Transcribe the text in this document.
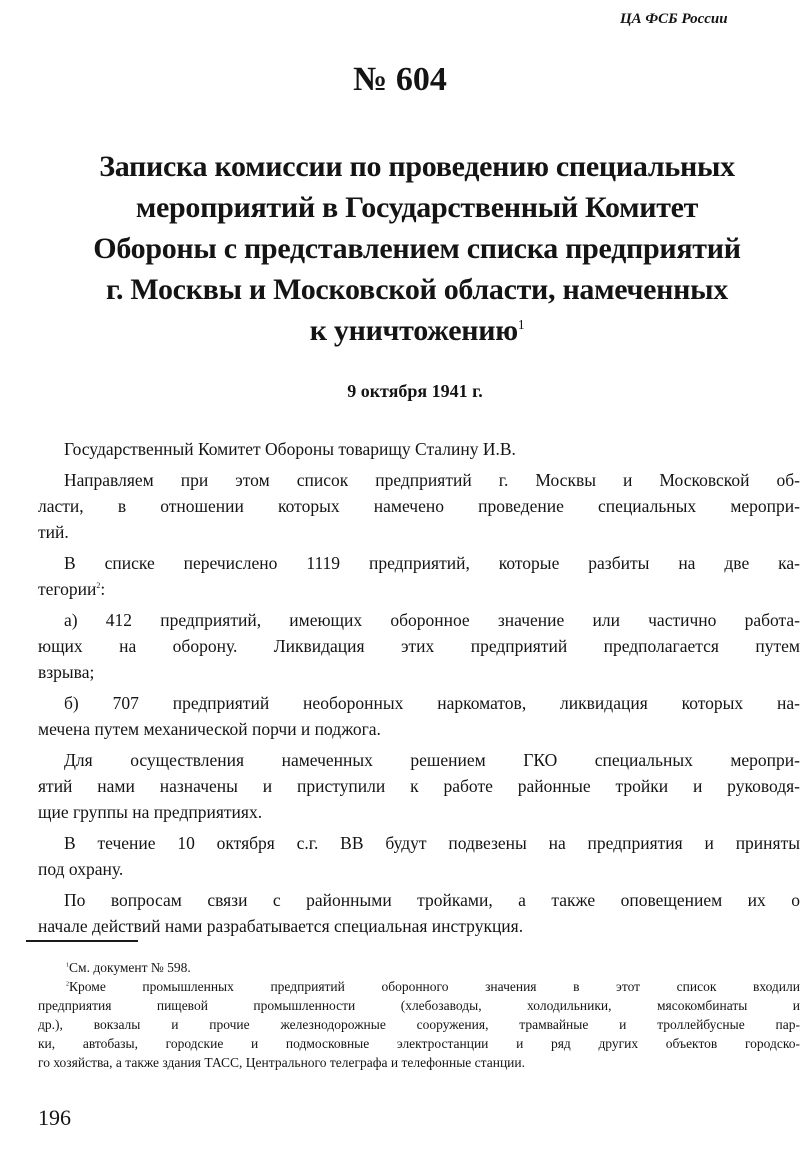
ЦА ФСБ России
№ 604
Записка комиссии по проведению специальных
мероприятий в Государственный Комитет
Обороны с представлением списка предприятий
г. Москвы и Московской области, намеченных
к уничтожению$^1$
9 октября 1941 г.

Государственный Комитет Обороны товарищу Сталину И.В.

Направляем при этом список предприятий г. Москвы и Московской об-
ласти, в отношении которых намечено проведение специальных меропри-
тий.

В списке перечислено 1119 предприятий, которые разбиты на две ка-
тегории$^2$:

а) 412 предприятий, имеющих оборонное значение или частично работа-
ющих на оборону. Ликвидация этих предприятий предполагается путем
взрыва;

б) 707 предприятий необоронных наркоматов, ликвидация которых на-
мечена путем механической порчи и поджога.

Для осуществления намеченных решением ГКО специальных меропри-
ятий нами назначены и приступили к работе районные тройки и руководя-
щие группы на предприятиях.

В течение 10 октября с.г. ВВ будут подвезены на предприятия и приняты
под охрану.

По вопросам связи с районными тройками, а также оповещением их о
начале действий нами разрабатывается специальная инструкция.

$^1$См. документ № 598.

$^2$Кроме промышленных предприятий оборонного значения в этот список входили
предприятия пищевой промышленности (хлебозаводы, холодильники, мясокомбинаты и
др.), вокзалы и прочие железнодорожные сооружения, трамвайные и троллейбусные пар-
ки, автобазы, городские и подмосковные электростанции и ряд других объектов городско-
го хозяйства, а также здания ТАСС, Центрального телеграфа и телефонные станции.

196
